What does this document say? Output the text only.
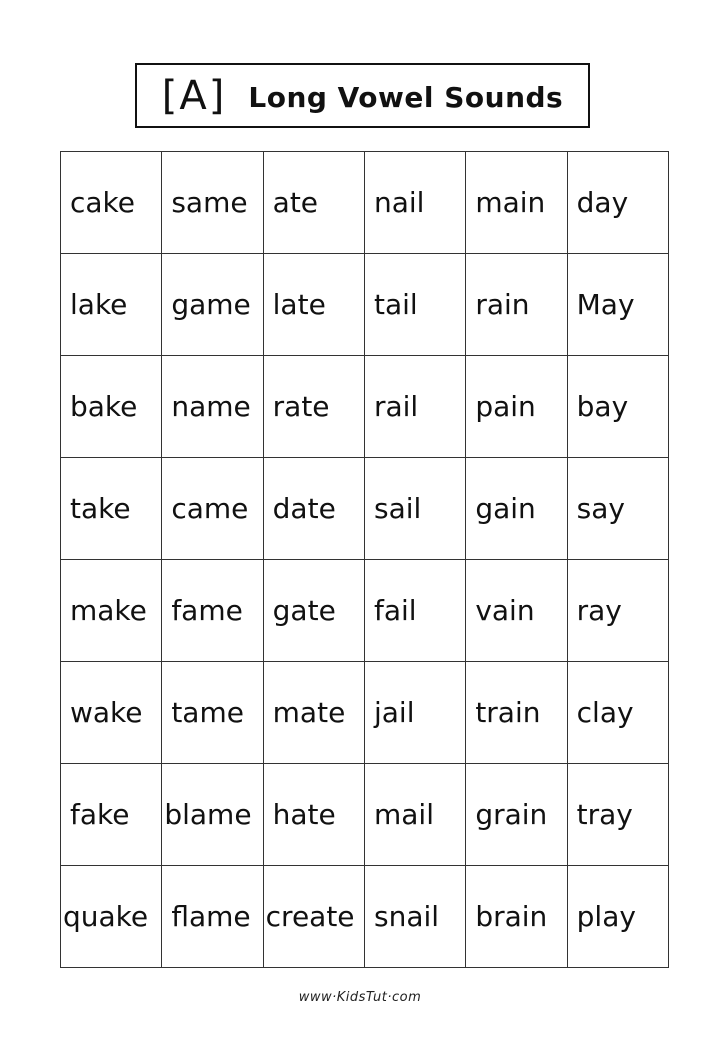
[A] Long Vowel Sounds
cake	same	ate	nail	main	day
lake	game	late	tail	rain	May
bake	name	rate	rail	pain	bay
take	came	date	sail	gain	say
make	fame	gate	fail	vain	ray
wake	tame	mate	jail	train	clay
fake	blame	hate	mail	grain	tray
quake	flame	create	snail	brain	play
www·KidsTut·com
